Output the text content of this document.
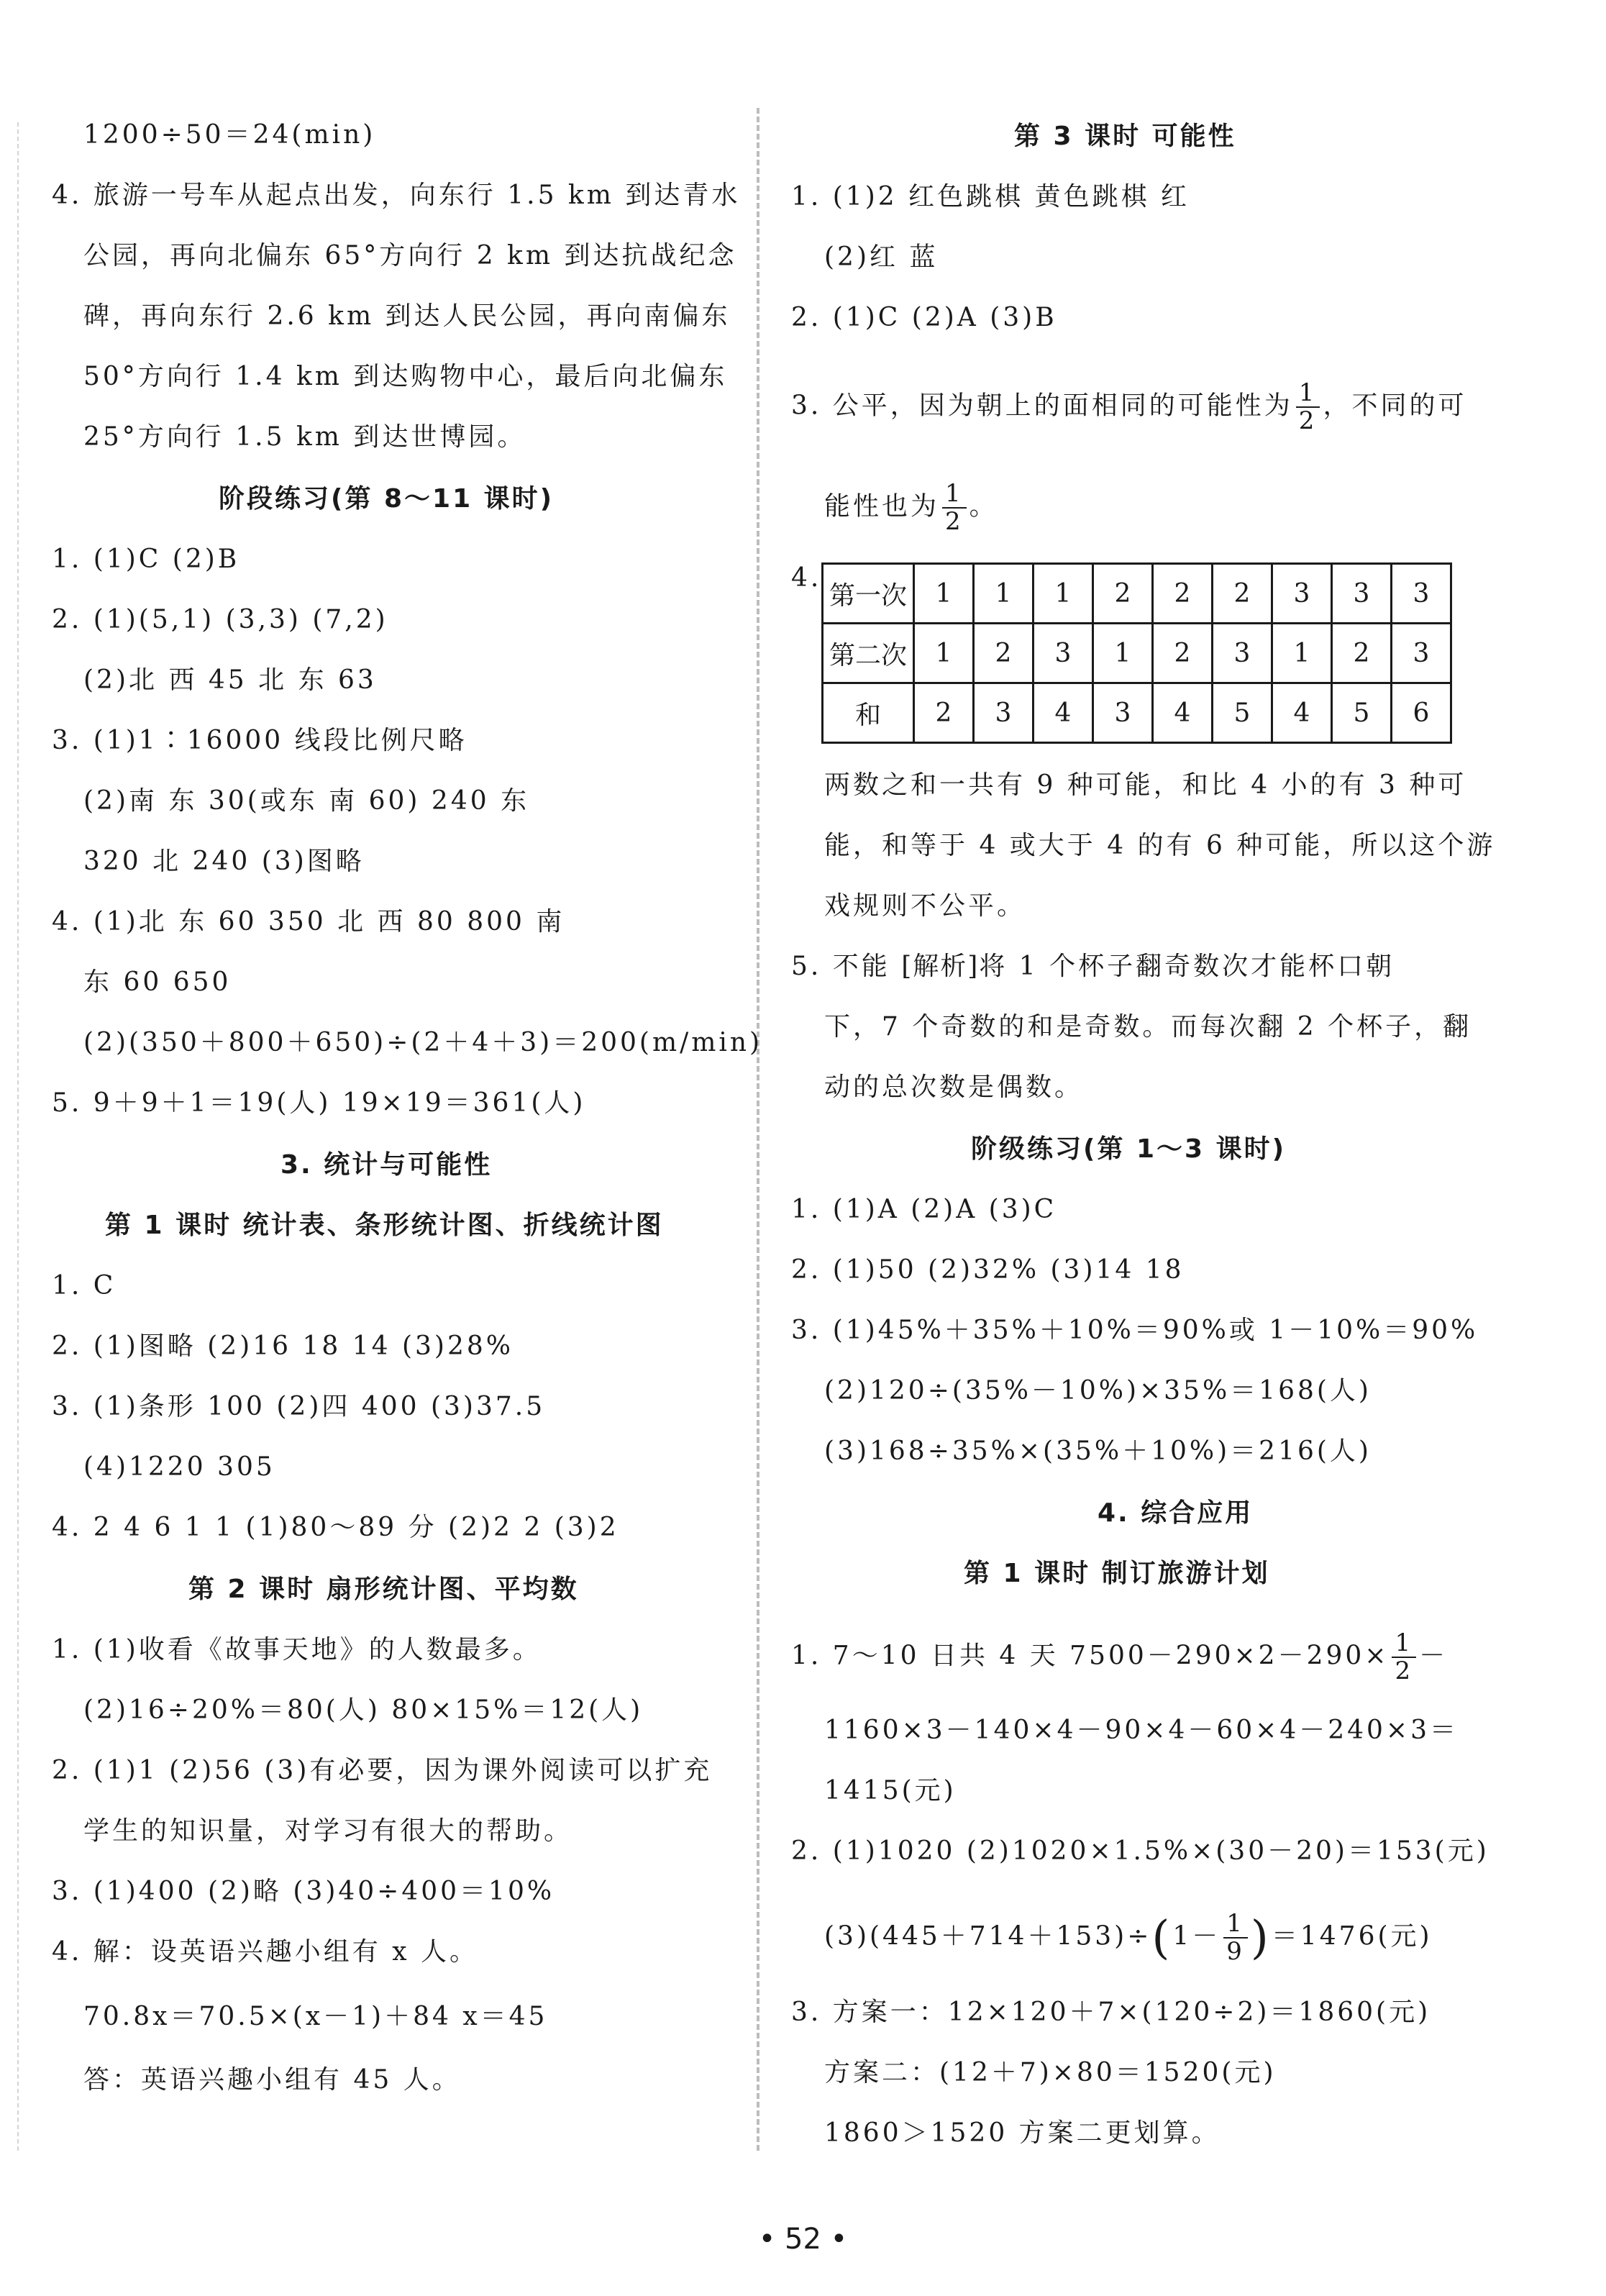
1200÷50＝24(min)
4. 旅游一号车从起点出发，向东行 1.5 km 到达青水
公园，再向北偏东 65°方向行 2 km 到达抗战纪念
碑，再向东行 2.6 km 到达人民公园，再向南偏东
50°方向行 1.4 km 到达购物中心，最后向北偏东
25°方向行 1.5 km 到达世博园。
阶段练习(第 8～11 课时)
1. (1)C (2)B
2. (1)(5,1) (3,3) (7,2)
(2)北 西 45 北 东 63
3. (1)1∶16000 线段比例尺略
(2)南 东 30(或东 南 60) 240 东
320 北 240 (3)图略
4. (1)北 东 60 350 北 西 80 800 南
东 60 650
(2)(350＋800＋650)÷(2＋4＋3)＝200(m/min)
5. 9＋9＋1＝19(人) 19×19＝361(人)
3. 统计与可能性
第 1 课时 统计表、条形统计图、折线统计图
1. C
2. (1)图略 (2)16 18 14 (3)28%
3. (1)条形 100 (2)四 400 (3)37.5
(4)1220 305
4. 2 4 6 1 1 (1)80～89 分 (2)2 2 (3)2
第 2 课时 扇形统计图、平均数
1. (1)收看《故事天地》的人数最多。
(2)16÷20%＝80(人) 80×15%＝12(人)
2. (1)1 (2)56 (3)有必要，因为课外阅读可以扩充
学生的知识量，对学习有很大的帮助。
3. (1)400 (2)略 (3)40÷400＝10%
4. 解：设英语兴趣小组有 x 人。
70.8x＝70.5×(x－1)＋84 x＝45
答：英语兴趣小组有 45 人。
第 3 课时 可能性
1. (1)2 红色跳棋 黄色跳棋 红
(2)红 蓝
2. (1)C (2)A (3)B
3. 公平，因为朝上的面相同的可能性为 $\frac{1}{2}$ ，不同的可
能性也为 $\frac{1}{2}$ 。
4.
第一次	1	1	1	2	2	2	3	3	3
第二次	1	2	3	1	2	3	1	2	3
和	2	3	4	3	4	5	4	5	6
两数之和一共有 9 种可能，和比 4 小的有 3 种可
能，和等于 4 或大于 4 的有 6 种可能，所以这个游
戏规则不公平。
5. 不能 [解析]将 1 个杯子翻奇数次才能杯口朝
下，7 个奇数的和是奇数。而每次翻 2 个杯子，翻
动的总次数是偶数。
阶级练习(第 1～3 课时)
1. (1)A (2)A (3)C
2. (1)50 (2)32% (3)14 18
3. (1)45%＋35%＋10%＝90%或 1－10%＝90%
(2)120÷(35%－10%)×35%＝168(人)
(3)168÷35%×(35%＋10%)＝216(人)
4. 综合应用
第 1 课时 制订旅游计划
1. 7～10 日共 4 天 $7500-290\times 2-290\times \frac{1}{2}$ －
1160×3－140×4－90×4－60×4－240×3＝
1415(元)
2. (1)1020 (2)1020×1.5%×(30－20)＝153(元)
$(3)(445+714+153)\div(1- \frac{1}{9} )=1476$(元)
3. 方案一：12×120＋7×(120÷2)＝1860(元)
方案二：(12＋7)×80＝1520(元)
1860＞1520 方案二更划算。
• 52 •
